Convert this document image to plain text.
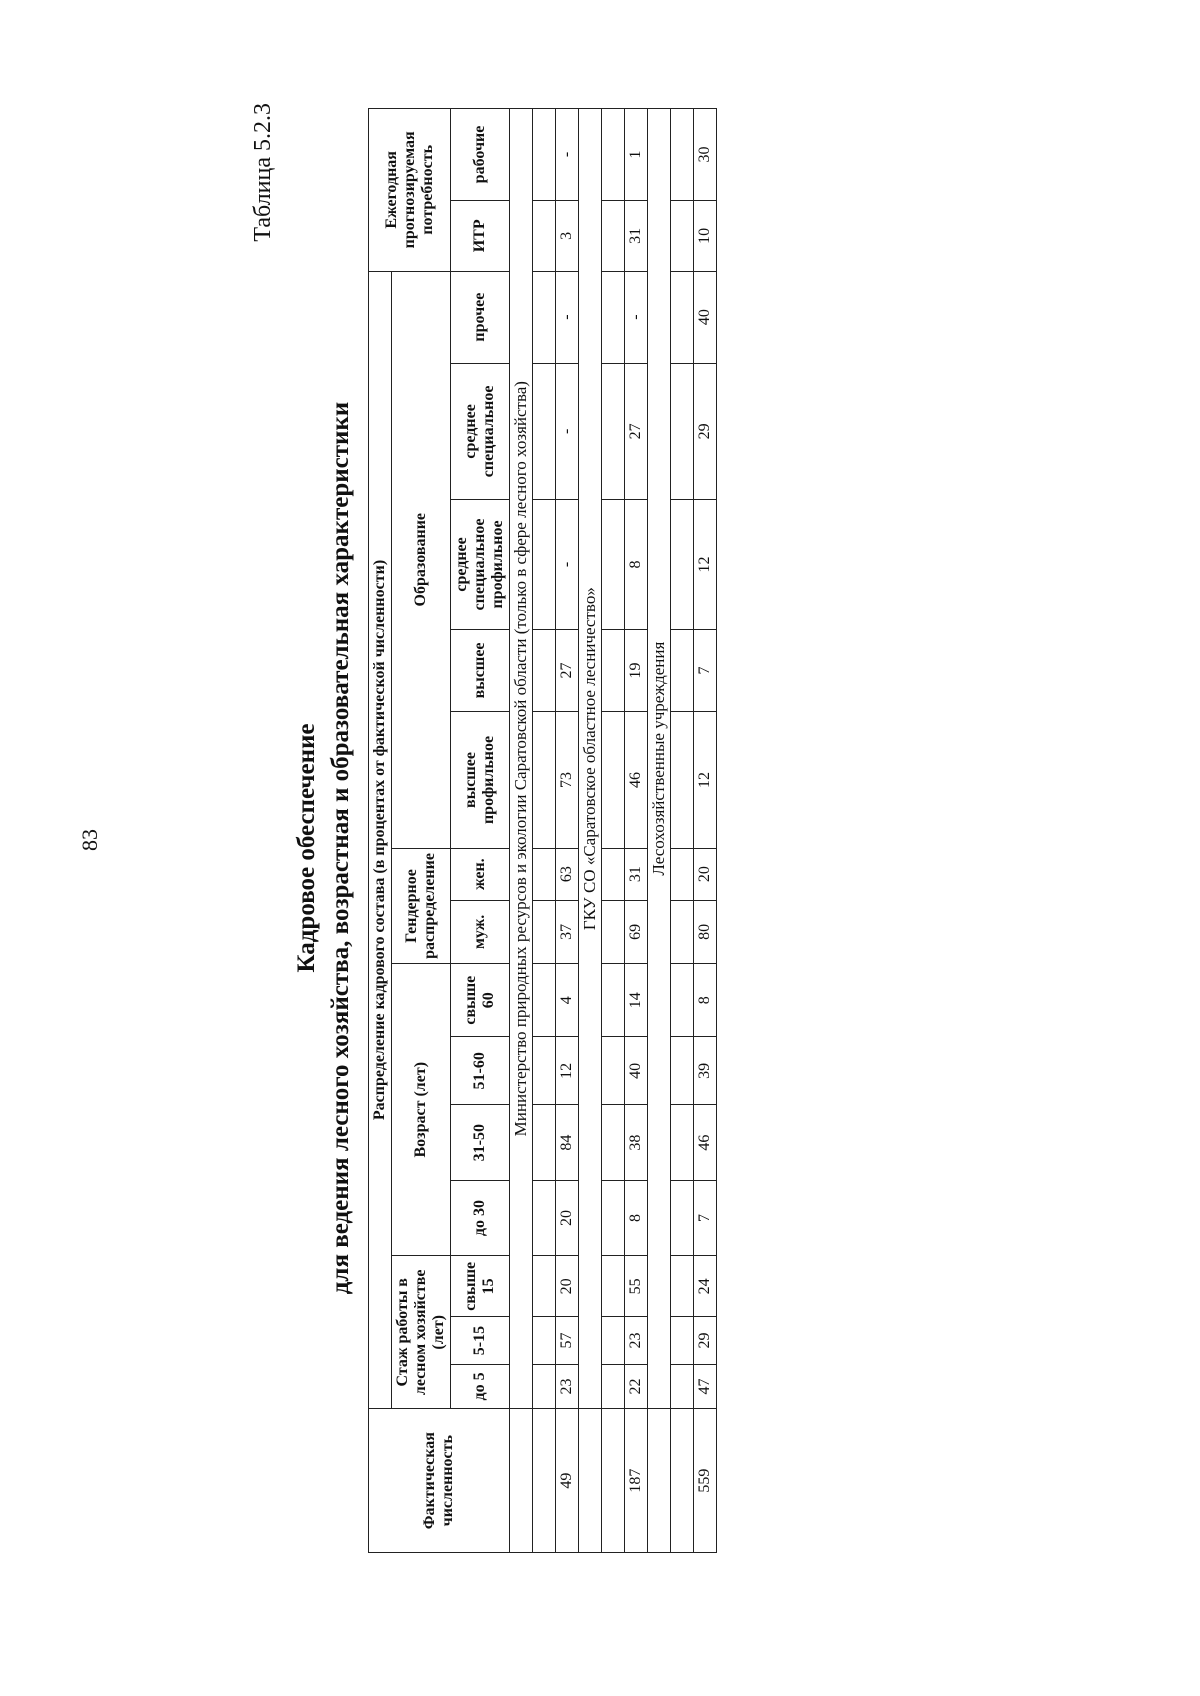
83
Таблица 5.2.3

Кадровое обеспечение для ведения лесного хозяйства, возрастная и образовательная характеристики

Фактическая численность	Распределение кадрового состава (в процентах от фактической численности)														Ежегодная прогнозируемая потребность	
	Стаж работы в лесном хозяйстве (лет)			Возраст (лет)				Гендерное распределение		Образование						
	до 5	5-15	свыше 15	до 30	31-50	51-60	свыше 60	муж.	жен.	высшее профильное	высшее	среднее специальное профильное	среднее специальное	прочее	ИТР	рабочие
	Министерство природных ресурсов и экологии Саратовской области (только в сфере лесного хозяйства)															

49	23	57	20	20	84	12	4	37	63	73	27	-	-	-	3	-
	ГКУ СО «Саратовское областное лесничество»															

187	22	23	55	8	38	40	14	69	31	46	19	8	27	-	31	1
	Лесохозяйственные учреждения															

559	47	29	24	7	46	39	8	80	20	12	7	12	29	40	10	30
